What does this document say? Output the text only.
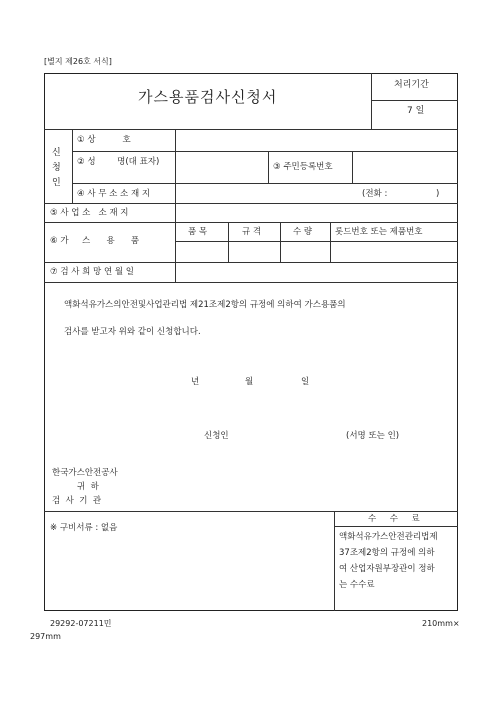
[별지 제26호 서식]
가스용품검사신청서
처리기간
7 일
신
청
인
① 상          호
② 성        명(대 표자)	③ 주민등록번호
④ 사 무 소 소 재 지	(전화 :                  )
⑤ 사 업 소   소 재 지
⑥ 가     스      용      품
품 목	규 격	수 량	롯드번호 또는 제품번호
⑦ 검 사 희 망 연 월 일
액화석유가스의안전및사업관리법 제21조제2항의 규정에 의하여 가스용품의
검사를 받고자 위와 같이 신청합니다.
년	월	일
신청인	(서명 또는 인)
한국가스안전공사
귀  하
검  사  기  관
※ 구비서류 : 없음
수     수     료
액화석유가스안전관리법제
37조제2항의 규정에 의하
여 산업자원부장관이 정하
는 수수료
29292-07211민	210mm×
297mm
